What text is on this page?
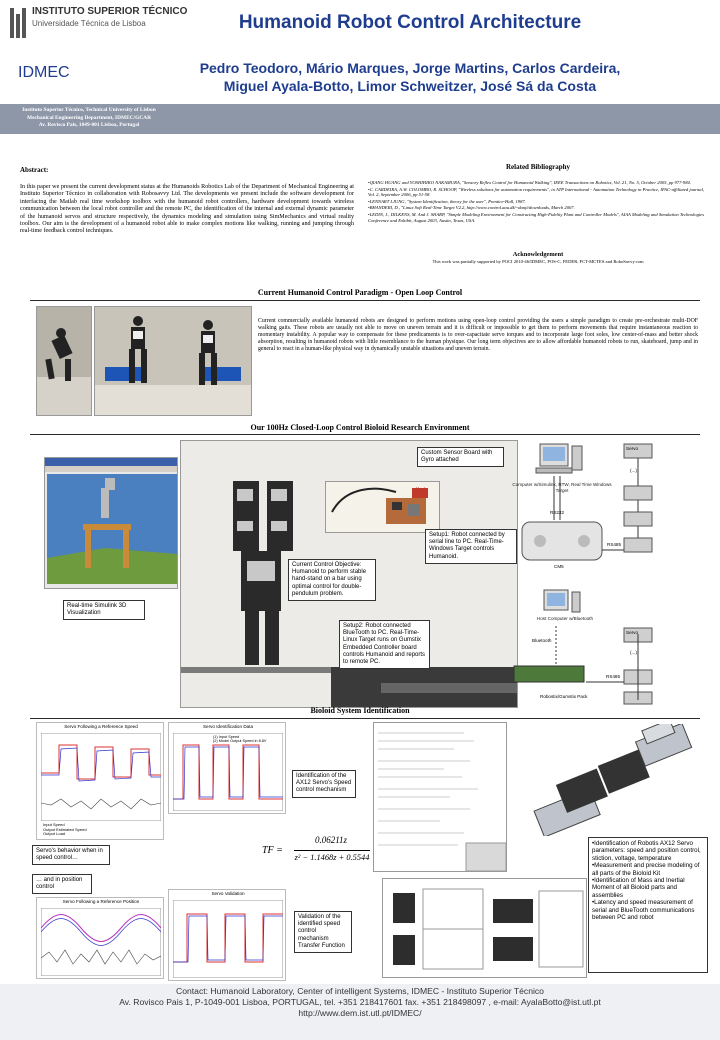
INSTITUTO SUPERIOR TÉCNICO
Universidade Técnica de Lisboa
IDMEC
Humanoid Robot Control Architecture
Pedro Teodoro, Mário Marques, Jorge Martins, Carlos Cardeira,
Miguel Ayala-Botto, Limor Schweitzer, José Sá da Costa
Instituto Superior Técnico, Technical University of Lisbon
Mechanical Engineering Department, IDMEC/GCAR
Av. Rovisco Pais, 1049-001 Lisboa, Portugal
Abstract:
In this paper we present the current development status at the Humanoids Robotics Lab of the Department of Mechanical Engineering at Instituto Superior Técnico in collaboration with Robosavvy Ltd. The developments we present include the software development for interfacing the Matlab real time workshop toolbox with the humanoid robot controllers, hardware development towards wireless communication between the local robot controller and the remote PC, the identification of the internal and external dynamic parameter of the humanoid servos and structure respectively, the dynamics modeling and simulation using SimMechanics and virtual reality toolbox. Our aim is the development of a humanoid robot able to make complex motions like walking, running and jumping through real-time feedback control techniques.
Related Bibliography
•QIANG HUANG and YOSHIHIKO NAKAMURA, "Sensory Reflex Control for Humanoid Walking", IEEE Transactions on Robotics, Vol. 21, No. 5, October 2005, pp 977-984.
•C. CARDEIRA, A.W. COLOMBO, R. SCHOOP, "Wireless solutions for automation requirements", in ATP International - Automation Technology in Practice, IFAC-affiliated journal, Vol. 2, September 2006, pp 51-58.
•LENNART LJUNG, "System Identification, theory for the user", Prentice-Hall, 1987.
•BHANDERI, D., "Linux Soft Real-Time Target V2.2, http://www.control.aau.dk/~danji/downloads, March 2007.
•LEDIN, J., DILKENS, M. And J. SHARP, "Simple Modeling Environment for Constructing High-Fidelity Plant and Controller Models", AIAA Modeling and Simulation Technologies Conference and Exhibit, August 2003, Austin, Texas, USA.
Acknowledgement
This work was partially supported by POCI 2010-46/IDMEC, POS-C, FEDER, FCT-MCTES and RoboSavvy.com
Current Humanoid Control Paradigm - Open Loop Control
Current commercially available humanoid robots are designed to perform motions using open-loop control providing the users a simple paradigm to create pre-orchestrate multi-DOF walking gaits. These robots are usually not able to move on uneven terrain and it is difficult or impossible to get them to perform movements that require instantaneous reaction to momentary instability. A popular way to compensate for these predicaments is to over-capacitate servo torques and to incorporate large foot soles, low center-of-mass and better shock absorption, resulting in humanoid robots with little resemblance to the human physique. Our long term objectives are to allow affordable humanoid robots to run, skateboard, jump and in general to react in a human-like physical way in dynamically unstable situations and uneven terrain.
Our 100Hz Closed-Loop Control Bioloid Research Environment
Real-time Simulink 3D Visualization
Current Control Objective: Humanoid to perform stable hand-stand on a bar using optimal control for double-pendulum problem.
Setup2: Robot connected BlueTooth to PC. Real-Time-Linux Target runs on Gumstix Embedded Controller board controls Humanoid and reports to remote PC.
Kodo
Custom Sensor Board with Gyro attached
Setup1: Robot connected by serial line to PC. Real-Time-Windows Target controls Humanoid.
Computer w/Simulink, RTW, Real Time Windows Target
RS232
CM5
RS485
Servo
(...)
Host Computer w/Bluetooth
Bluetooth
RS485
Servo
(...)
Robostix/Gumstix Pack
Bioloid System Identification
Servo Following a Reference Speed
Input Speed
Output Estimated Speed
Output Load
Servo Identification Data
(1) Input Speed
(2) Model Output Speed in 8.8V
Servo Validation
Servo Following a Reference Position
Identification of the AX12 Servo's Speed control mechanism
Servo's behavior when in speed control…
… and in position control
Validation of the identified speed control mechanism Transfer Function
TF =
0.06211z
z² − 1.1468z + 0.5544
•Identification of Robotis AX12 Servo parameters: speed and position control, stiction, voltage, temperature
•Measurement and precise modeling of all parts of the Bioloid Kit
•Identification of Mass and Inertial Moment of all Bioloid parts and assemblies
•Latency and speed measurement of serial and BlueTooth communications between PC and robot
Contact: Humanoid Laboratory, Center of intelligent Systems, IDMEC - Instituto Superior Técnico
Av. Rovisco Pais 1, P-1049-001 Lisboa, PORTUGAL, tel. +351 218417601 fax. +351 218498097 , e-mail: AyalaBotto@ist.utl.pt
http://www.dem.ist.utl.pt/IDMEC/
